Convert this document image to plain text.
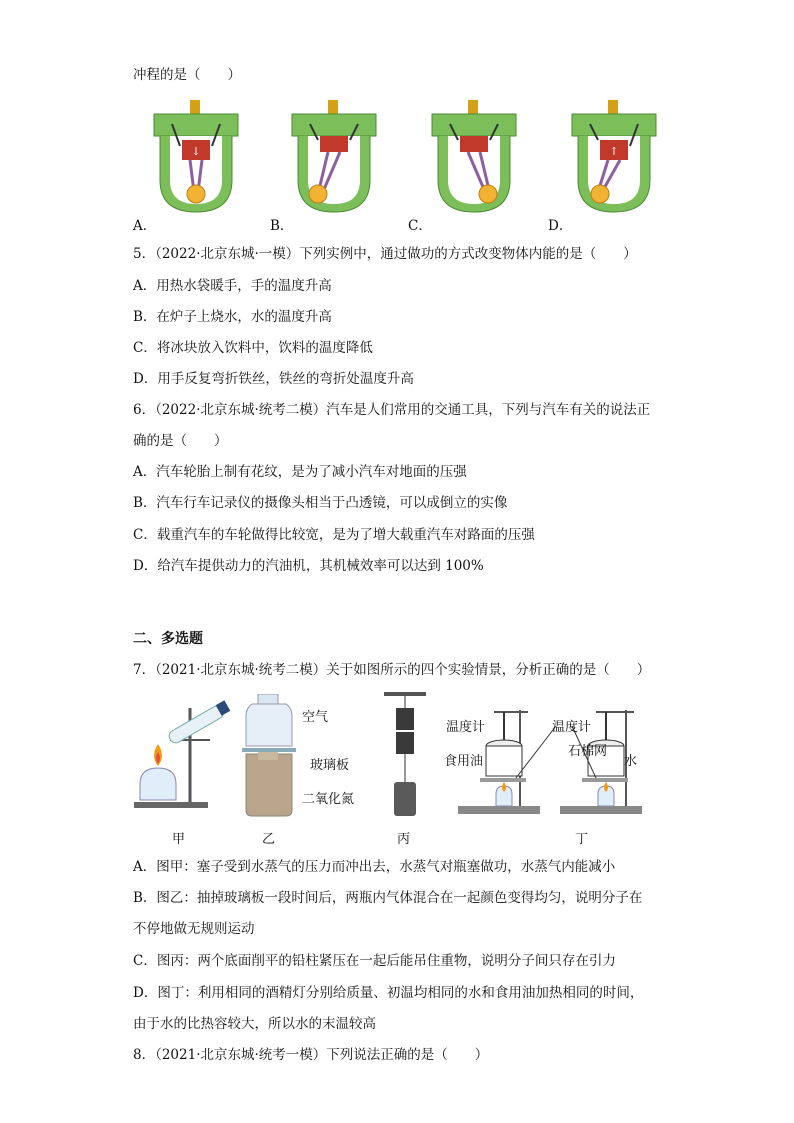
冲程的是（　　）
↓
A．	B．	C．
↑
D．
5．（2022·北京东城·一模）下列实例中，通过做功的方式改变物体内能的是（　　）
A．用热水袋暖手，手的温度升高
B．在炉子上烧水，水的温度升高
C．将冰块放入饮料中，饮料的温度降低
D．用手反复弯折铁丝，铁丝的弯折处温度升高
6．（2022·北京东城·统考二模）汽车是人们常用的交通工具，下列与汽车有关的说法正
确的是（　　）
A．汽车轮胎上制有花纹，是为了减小汽车对地面的压强
B．汽车行车记录仪的摄像头相当于凸透镜，可以成倒立的实像
C．载重汽车的车轮做得比较宽，是为了增大载重汽车对路面的压强
D．给汽车提供动力的汽油机，其机械效率可以达到 100%
二、多选题
7．（2021·北京东城·统考二模）关于如图所示的四个实验情景，分析正确的是（　　）
甲
空气
玻璃板
二氧化氮
乙	丙
温度计
食用油
石棉网
温度计
水
丁
A．图甲：塞子受到水蒸气的压力而冲出去，水蒸气对瓶塞做功，水蒸气内能减小
B．图乙：抽掉玻璃板一段时间后，两瓶内气体混合在一起颜色变得均匀，说明分子在
不停地做无规则运动
C．图丙：两个底面削平的铅柱紧压在一起后能吊住重物，说明分子间只存在引力
D．图丁：利用相同的酒精灯分别给质量、初温均相同的水和食用油加热相同的时间，
由于水的比热容较大，所以水的末温较高
8．（2021·北京东城·统考一模）下列说法正确的是（　　）
